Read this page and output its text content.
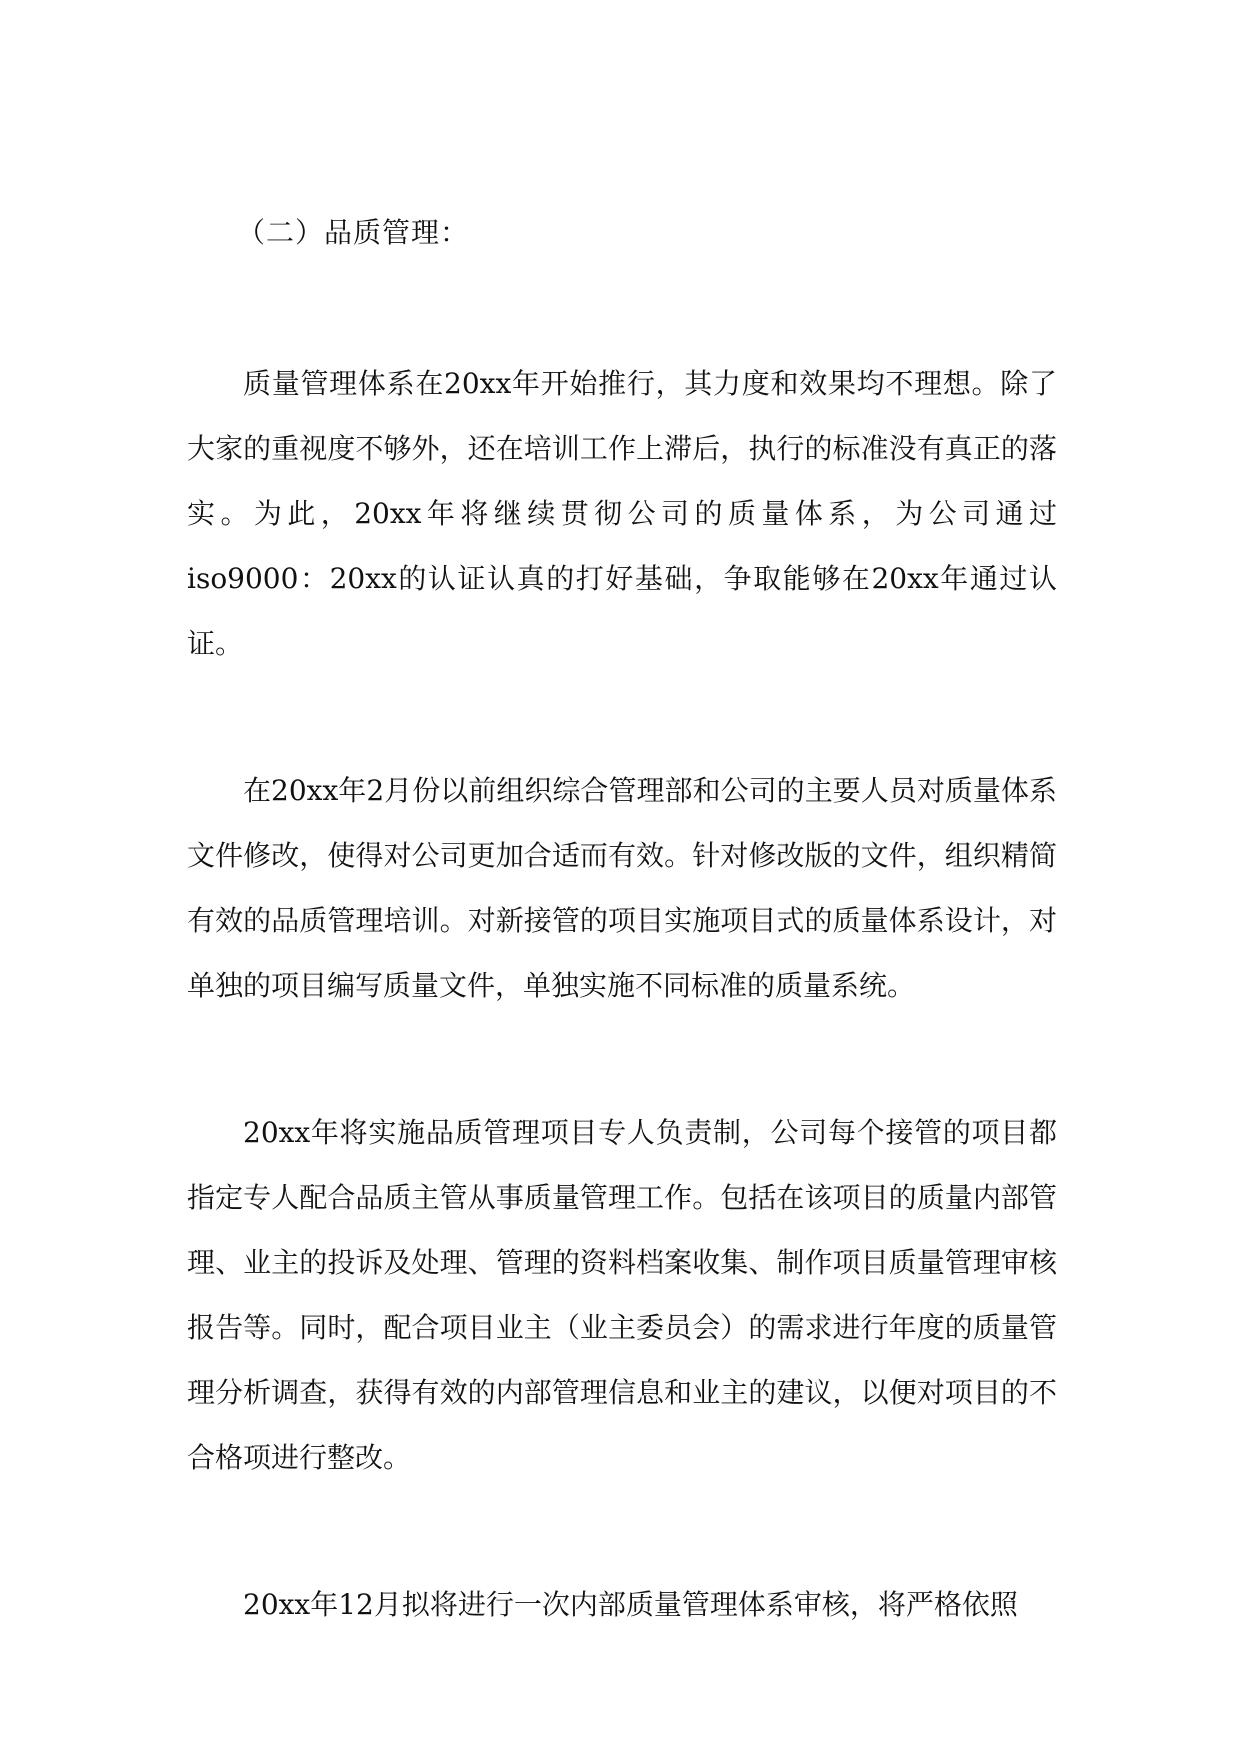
（二）品质管理：

质量管理体系在20xx年开始推行，其力度和效果均不理想。除了大家的重视度不够外，还在培训工作上滞后，执行的标准没有真正的落实。为此，20xx年将继续贯彻公司的质量体系，为公司通过iso9000：20xx的认证认真的打好基础，争取能够在20xx年通过认证。

在20xx年2月份以前组织综合管理部和公司的主要人员对质量体系文件修改，使得对公司更加合适而有效。针对修改版的文件，组织精简有效的品质管理培训。对新接管的项目实施项目式的质量体系设计，对单独的项目编写质量文件，单独实施不同标准的质量系统。

20xx年将实施品质管理项目专人负责制，公司每个接管的项目都指定专人配合品质主管从事质量管理工作。包括在该项目的质量内部管理、业主的投诉及处理、管理的资料档案收集、制作项目质量管理审核报告等。同时，配合项目业主（业主委员会）的需求进行年度的质量管理分析调查，获得有效的内部管理信息和业主的建议，以便对项目的不合格项进行整改。

20xx年12月拟将进行一次内部质量管理体系审核，将严格依照
